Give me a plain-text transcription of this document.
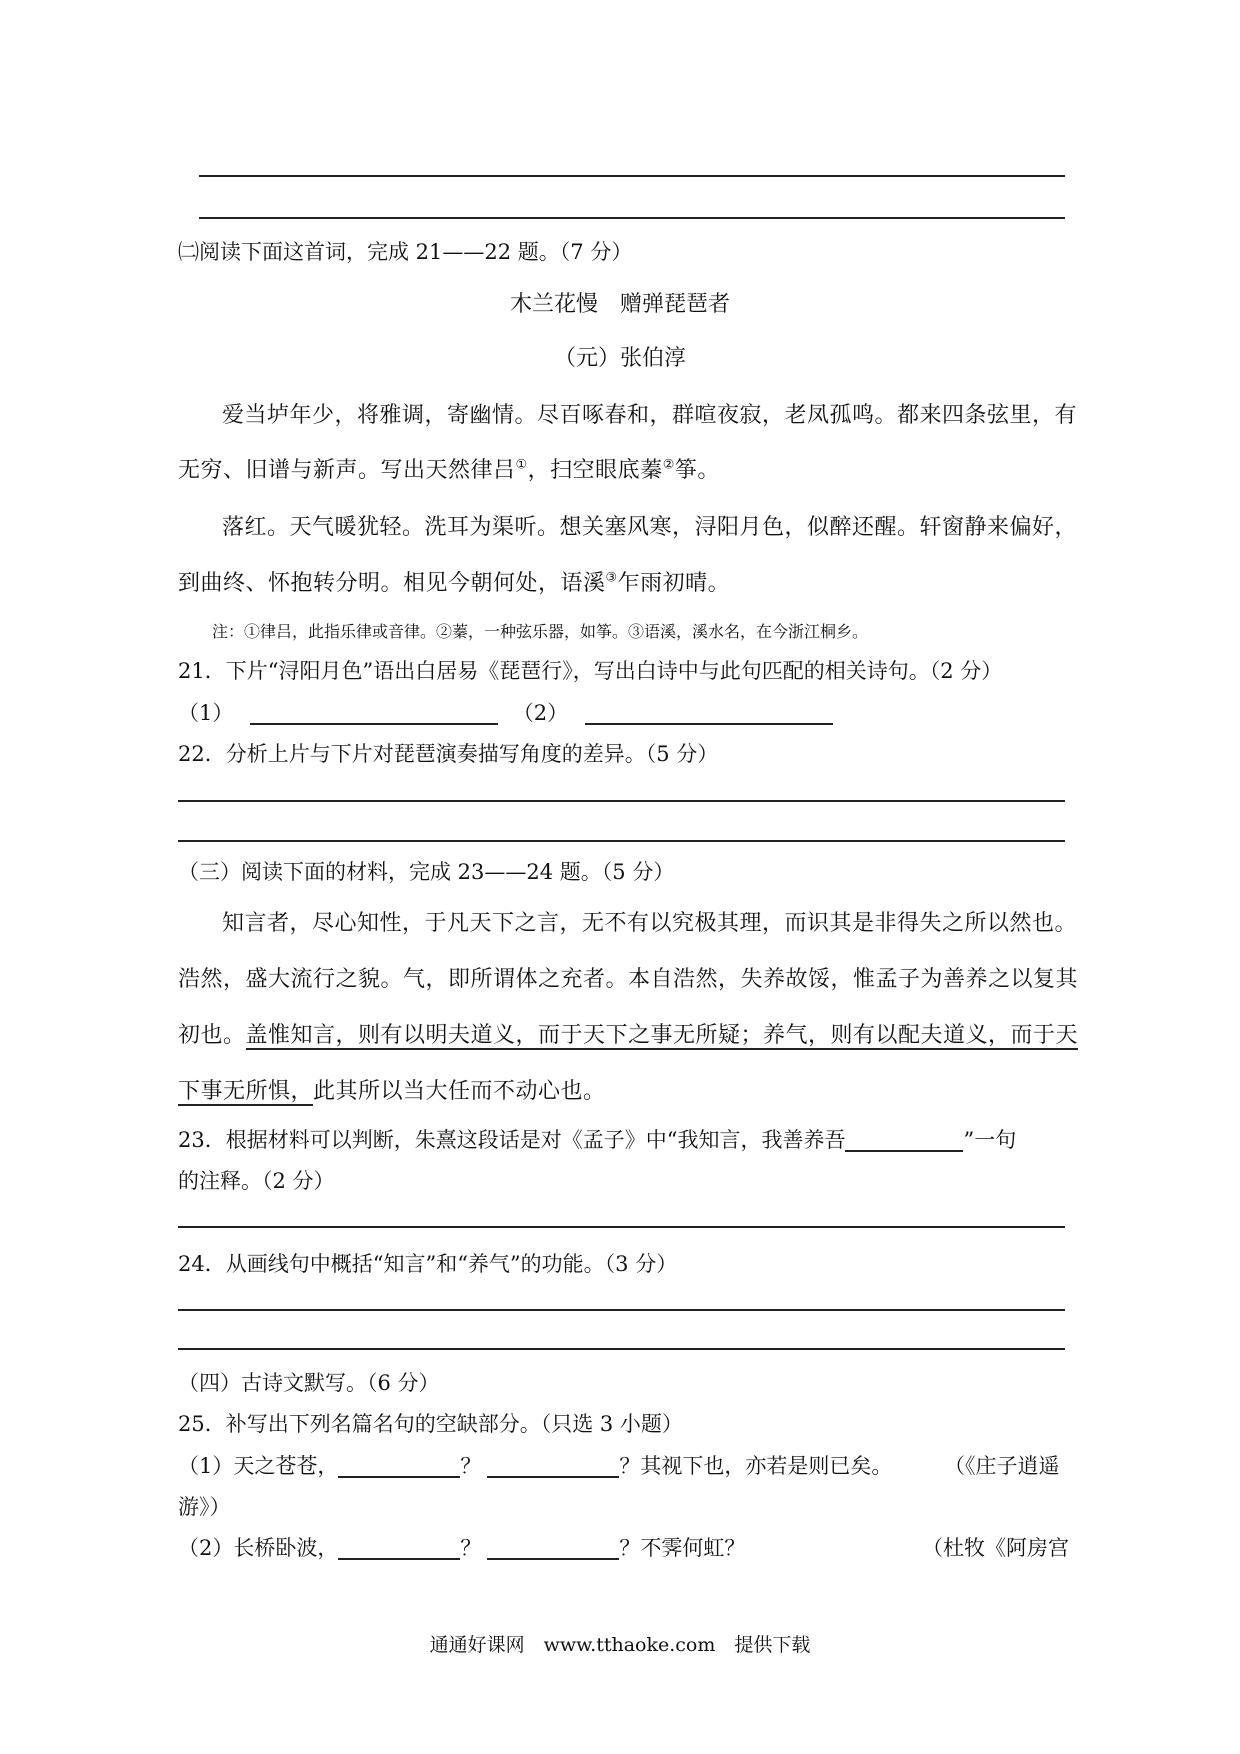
㈡阅读下面这首词，完成 21——22 题。（7 分）
木兰花慢　赠弹琵琶者
（元）张伯淳
爱当垆年少，将雅调，寄幽情。尽百啄春和，群喧夜寂，老凤孤鸣。都来四条弦里，有
无穷、旧谱与新声。写出天然律吕①，扫空眼底蓁②筝。
落红。天气暖犹轻。洗耳为渠听。想关塞风寒，浔阳月色，似醉还醒。轩窗静来偏好，
到曲终、怀抱转分明。相见今朝何处，语溪③乍雨初晴。
注：①律吕，此指乐律或音律。②蓁，一种弦乐器，如筝。③语溪，溪水名，在今浙江桐乡。
21．下片“浔阳月色”语出白居易《琵琶行》，写出白诗中与此句匹配的相关诗句。（2 分）
（1）	（2）
22．分析上片与下片对琵琶演奏描写角度的差异。（5 分）
（三）阅读下面的材料，完成 23——24 题。（5 分）
知言者，尽心知性，于凡天下之言，无不有以究极其理，而识其是非得失之所以然也。
浩然，盛大流行之貌。气，即所谓体之充者。本自浩然，失养故馁，惟孟子为善养之以复其
初也。盖惟知言，则有以明夫道义，而于天下之事无所疑；养气，则有以配夫道义，而于天
下事无所惧，此其所以当大任而不动心也。
23．根据材料可以判断，朱熹这段话是对《孟子》中“我知言，我善养吾	”一句
的注释。（2 分）
24．从画线句中概括“知言”和“养气”的功能。（3 分）
（四）古诗文默写。（6 分）
25．补写出下列名篇名句的空缺部分。（只选 3 小题）
（1）天之苍苍，	？	？其视下也，亦若是则已矣。 （《庄子逍遥
游》）
（2）长桥卧波，	？	？不霁何虹？	（杜牧《阿房宫
通通好课网　www.tthaoke.com　提供下载
